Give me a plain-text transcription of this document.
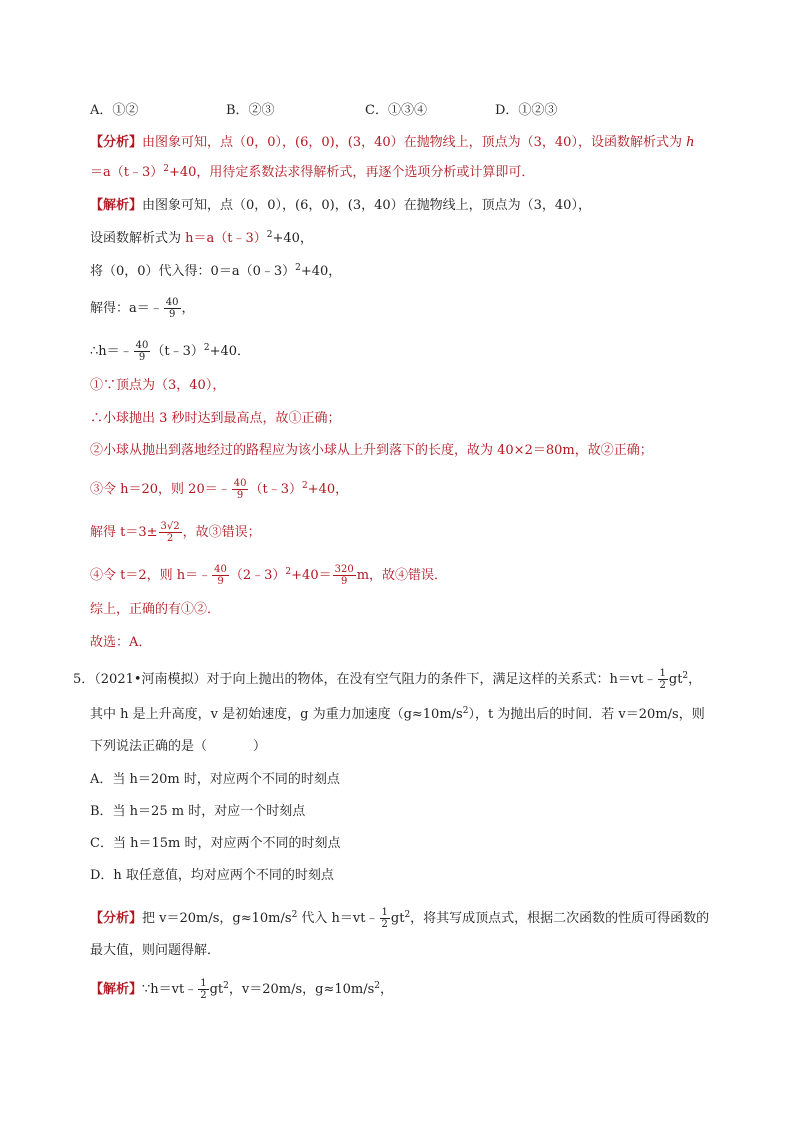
A．①②	B．②③	C．①③④	D．①②③
【分析】由图象可知，点（0，0），(6，0)，(3，40）在抛物线上，顶点为（3，40），设函数解析式为 h
＝a（t﹣3）$^2$+40，用待定系数法求得解析式，再逐个选项分析或计算即可．
【解析】由图象可知，点（0，0），(6，0)，(3，40）在抛物线上，顶点为（3，40），
设函数解析式为 h＝a（t﹣3）$^2$+40，
将（0，0）代入得：0＝a（0﹣3）$^2$+40，
解得：a＝﹣ $\frac{40}{9}$ ，
∴h＝﹣ $\frac{40}{9}$ （t﹣3）$^2$+40．
①∵顶点为（3，40），
∴小球抛出 3 秒时达到最高点，故①正确；
②小球从抛出到落地经过的路程应为该小球从上升到落下的长度，故为 40×2＝80m，故②正确；
③令 h＝20，则 20＝﹣ $\frac{40}{9}$ （t﹣3）$^2$+40，
解得 $t=3\pm \frac{3√2}{2}$ ，故③错误；
④令 t＝2，则 h＝﹣ $\frac{40}{9}$ （2﹣3）$^2$+40＝ $\frac{320}{9}$ m，故④错误．
综上，正确的有①②．
故选：A．
5．（2021•河南模拟）对于向上抛出的物体，在没有空气阻力的条件下，满足这样的关系式：h＝vt﹣ $\frac{1}{2} gt^2$，
其中 h 是上升高度，v 是初始速度，g 为重力加速度$(g\approx 10m/s^2)$，t 为抛出后的时间．若 v＝20m/s，则
下列说法正确的是（	）
A．当 h＝20m 时，对应两个不同的时刻点
B．当 h＝25 m 时，对应一个时刻点
C．当 h＝15m 时，对应两个不同的时刻点
D．h 取任意值，均对应两个不同的时刻点
【分析】把 v＝20m/s，$g\approx 10m/s^2$ 代入 h＝vt﹣ $\frac{1}{2} gt^2$，将其写成顶点式，根据二次函数的性质可得函数的
最大值，则问题得解．
【解析】∵h＝vt﹣ $\frac{1}{2} gt^2$，v＝20m/s，$g\approx 10m/s^2$，
